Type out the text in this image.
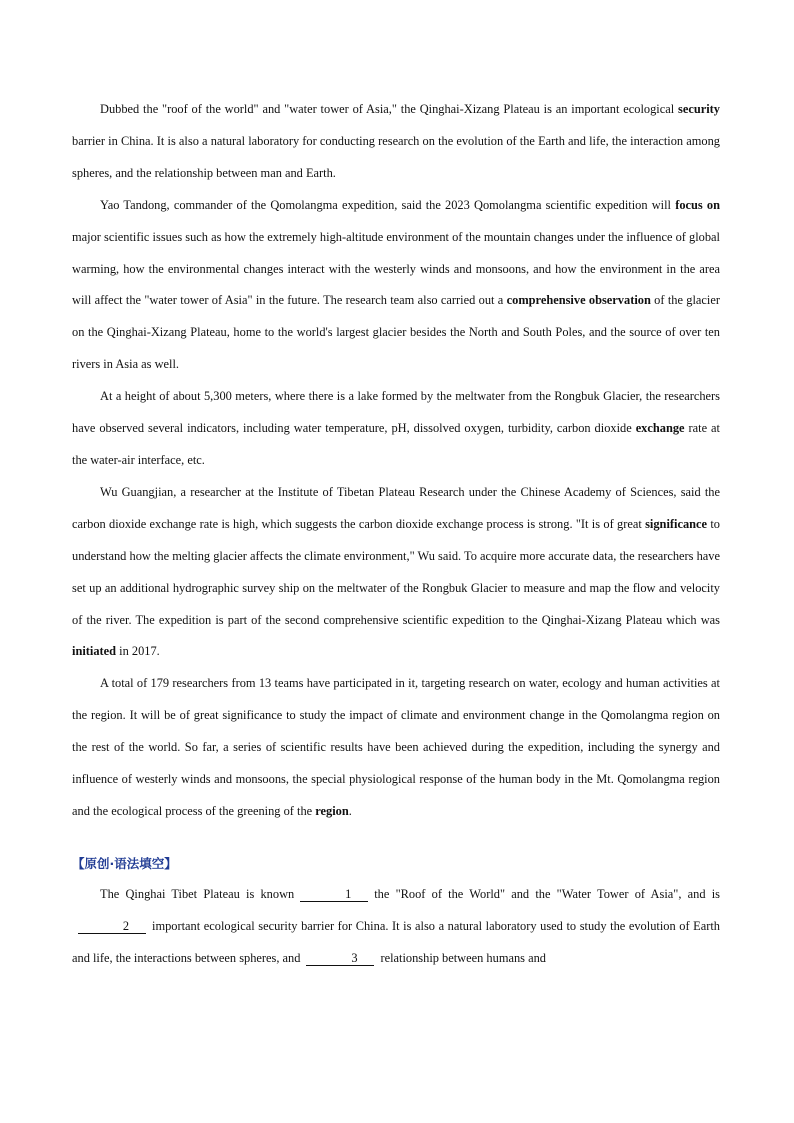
Dubbed the "roof of the world" and "water tower of Asia," the Qinghai-Xizang Plateau is an important ecological security barrier in China. It is also a natural laboratory for conducting research on the evolution of the Earth and life, the interaction among spheres, and the relationship between man and Earth.

Yao Tandong, commander of the Qomolangma expedition, said the 2023 Qomolangma scientific expedition will focus on major scientific issues such as how the extremely high-altitude environment of the mountain changes under the influence of global warming, how the environmental changes interact with the westerly winds and monsoons, and how the environment in the area will affect the "water tower of Asia" in the future. The research team also carried out a comprehensive observation of the glacier on the Qinghai-Xizang Plateau, home to the world's largest glacier besides the North and South Poles, and the source of over ten rivers in Asia as well.

At a height of about 5,300 meters, where there is a lake formed by the meltwater from the Rongbuk Glacier, the researchers have observed several indicators, including water temperature, pH, dissolved oxygen, turbidity, carbon dioxide exchange rate at the water-air interface, etc.

Wu Guangjian, a researcher at the Institute of Tibetan Plateau Research under the Chinese Academy of Sciences, said the carbon dioxide exchange rate is high, which suggests the carbon dioxide exchange process is strong. "It is of great significance to understand how the melting glacier affects the climate environment," Wu said. To acquire more accurate data, the researchers have set up an additional hydrographic survey ship on the meltwater of the Rongbuk Glacier to measure and map the flow and velocity of the river. The expedition is part of the second comprehensive scientific expedition to the Qinghai-Xizang Plateau which was initiated in 2017.

A total of 179 researchers from 13 teams have participated in it, targeting research on water, ecology and human activities at the region. It will be of great significance to study the impact of climate and environment change in the Qomolangma region on the rest of the world. So far, a series of scientific results have been achieved during the expedition, including the synergy and influence of westerly winds and monsoons, the special physiological response of the human body in the Mt. Qomolangma region and the ecological process of the greening of the region.

【原创·语法填空】

The Qinghai Tibet Plateau is known	1 the "Roof of the World" and the "Water Tower of Asia", and is2 important ecological security barrier for China. It is also a natural laboratory used to study the evolution of Earth and life, the interactions between spheres, and	3 relationship between humans and
